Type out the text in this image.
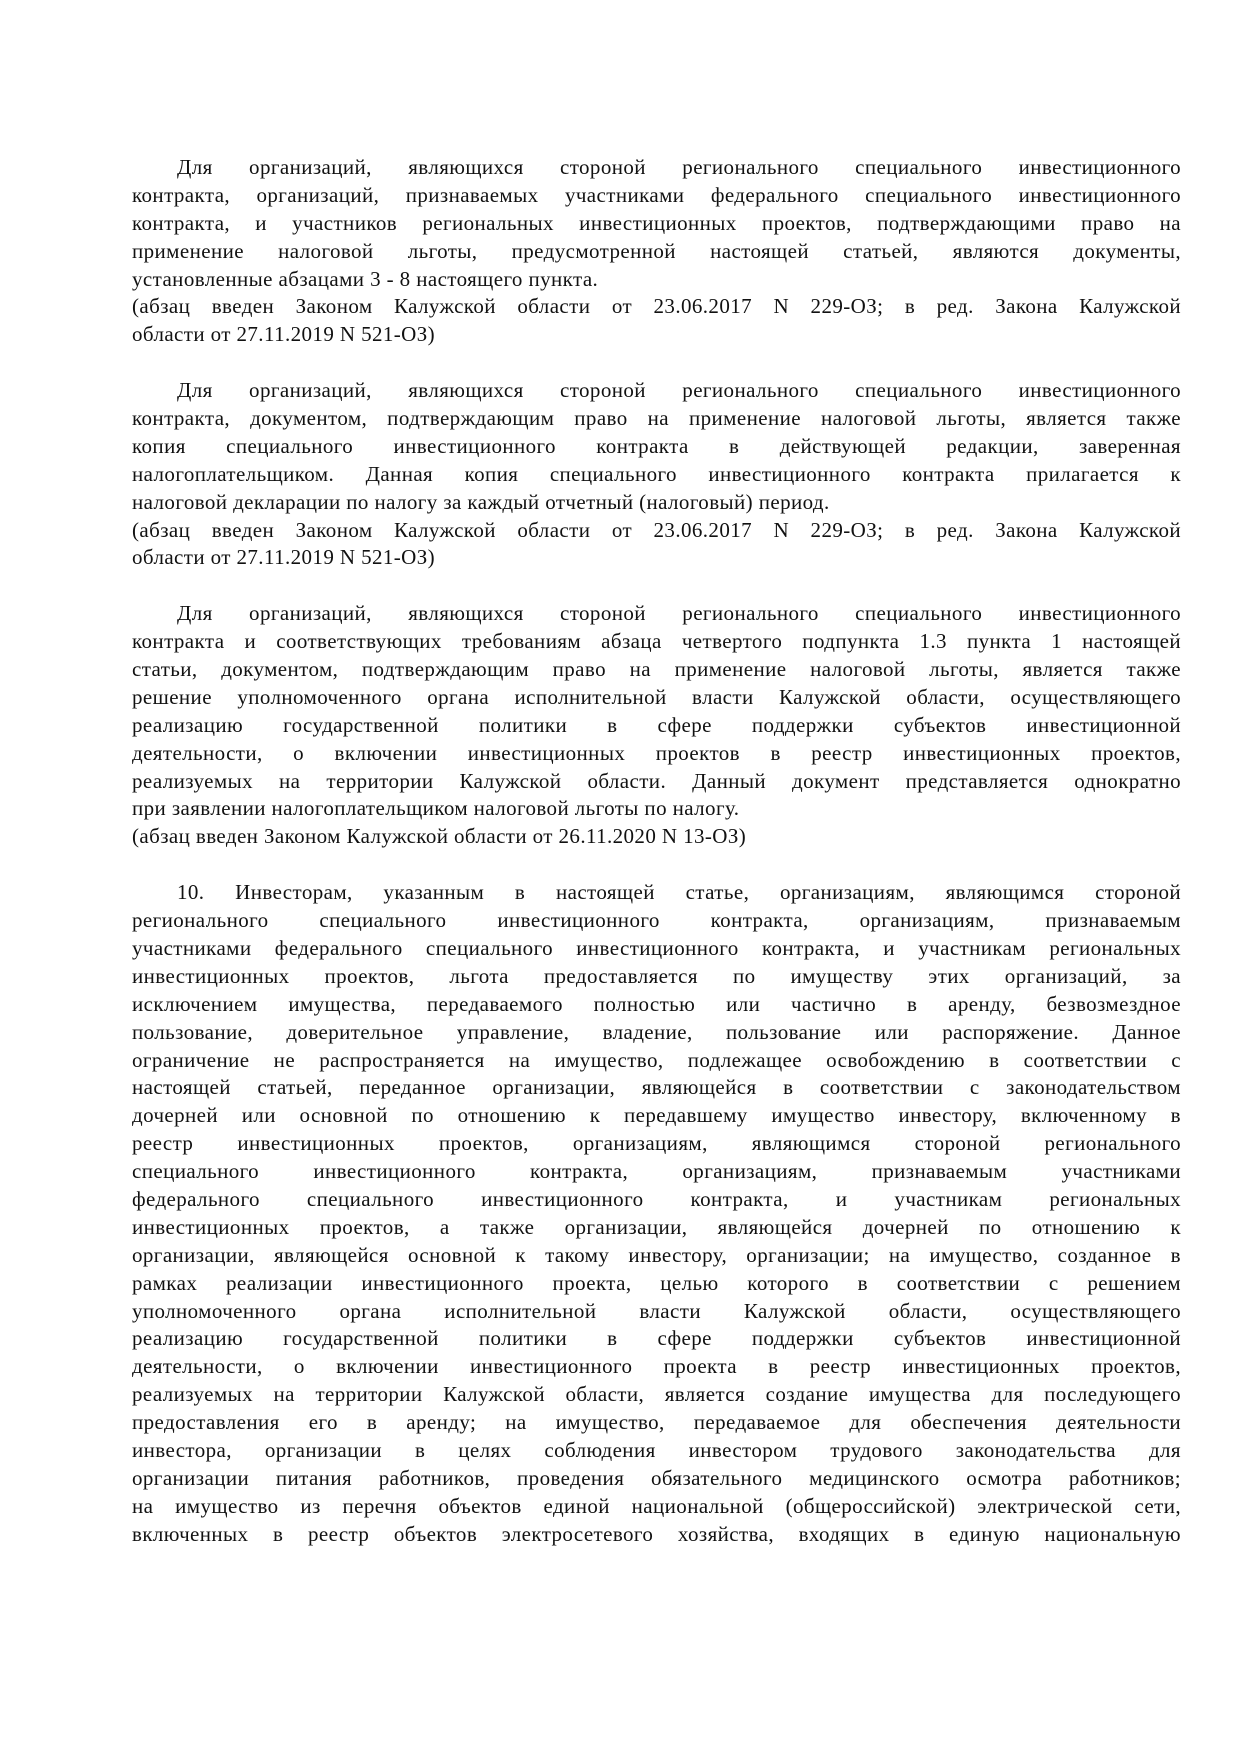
Для организаций, являющихся стороной регионального специального инвестиционного
контракта, организаций, признаваемых участниками федерального специального инвестиционного
контракта, и участников региональных инвестиционных проектов, подтверждающими право на
применение налоговой льготы, предусмотренной настоящей статьей, являются документы,
установленные абзацами 3 - 8 настоящего пункта.
(абзац введен Законом Калужской области от 23.06.2017 N 229-ОЗ; в ред. Закона Калужской
области от 27.11.2019 N 521-ОЗ)
Для организаций, являющихся стороной регионального специального инвестиционного
контракта, документом, подтверждающим право на применение налоговой льготы, является также
копия специального инвестиционного контракта в действующей редакции, заверенная
налогоплательщиком. Данная копия специального инвестиционного контракта прилагается к
налоговой декларации по налогу за каждый отчетный (налоговый) период.
(абзац введен Законом Калужской области от 23.06.2017 N 229-ОЗ; в ред. Закона Калужской
области от 27.11.2019 N 521-ОЗ)
Для организаций, являющихся стороной регионального специального инвестиционного
контракта и соответствующих требованиям абзаца четвертого подпункта 1.3 пункта 1 настоящей
статьи, документом, подтверждающим право на применение налоговой льготы, является также
решение уполномоченного органа исполнительной власти Калужской области, осуществляющего
реализацию государственной политики в сфере поддержки субъектов инвестиционной
деятельности, о включении инвестиционных проектов в реестр инвестиционных проектов,
реализуемых на территории Калужской области. Данный документ представляется однократно
при заявлении налогоплательщиком налоговой льготы по налогу.
(абзац введен Законом Калужской области от 26.11.2020 N 13-ОЗ)
10. Инвесторам, указанным в настоящей статье, организациям, являющимся стороной
регионального специального инвестиционного контракта, организациям, признаваемым
участниками федерального специального инвестиционного контракта, и участникам региональных
инвестиционных проектов, льгота предоставляется по имуществу этих организаций, за
исключением имущества, передаваемого полностью или частично в аренду, безвозмездное
пользование, доверительное управление, владение, пользование или распоряжение. Данное
ограничение не распространяется на имущество, подлежащее освобождению в соответствии с
настоящей статьей, переданное организации, являющейся в соответствии с законодательством
дочерней или основной по отношению к передавшему имущество инвестору, включенному в
реестр инвестиционных проектов, организациям, являющимся стороной регионального
специального инвестиционного контракта, организациям, признаваемым участниками
федерального специального инвестиционного контракта, и участникам региональных
инвестиционных проектов, а также организации, являющейся дочерней по отношению к
организации, являющейся основной к такому инвестору, организации; на имущество, созданное в
рамках реализации инвестиционного проекта, целью которого в соответствии с решением
уполномоченного органа исполнительной власти Калужской области, осуществляющего
реализацию государственной политики в сфере поддержки субъектов инвестиционной
деятельности, о включении инвестиционного проекта в реестр инвестиционных проектов,
реализуемых на территории Калужской области, является создание имущества для последующего
предоставления его в аренду; на имущество, передаваемое для обеспечения деятельности
инвестора, организации в целях соблюдения инвестором трудового законодательства для
организации питания работников, проведения обязательного медицинского осмотра работников;
на имущество из перечня объектов единой национальной (общероссийской) электрической сети,
включенных в реестр объектов электросетевого хозяйства, входящих в единую национальную
